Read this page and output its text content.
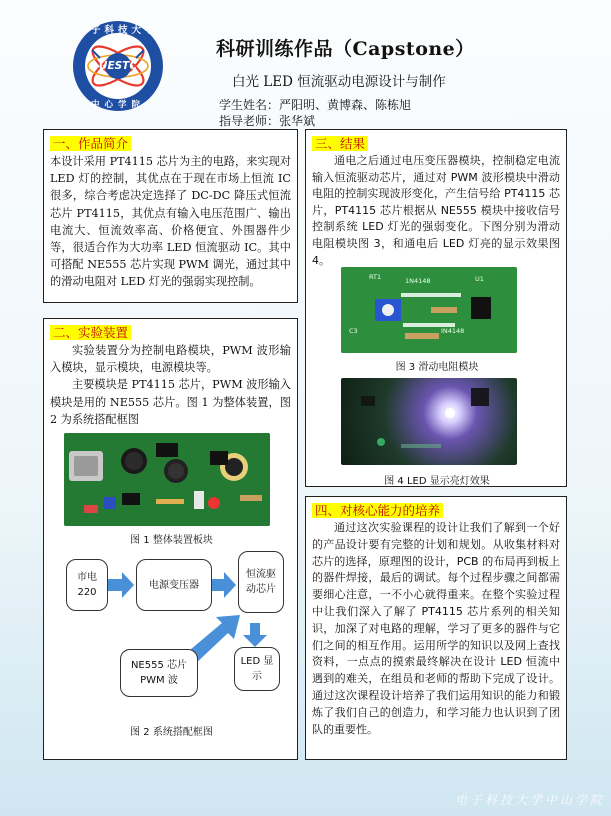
电子科技大学
UESTC
中心学院
科研训练作品（Capstone）
白光 LED 恒流驱动电源设计与制作
学生姓名：严阳明、黄博森、陈栋旭
指导老师：张华斌
一、作品简介
本设计采用 PT4115 芯片为主的电路，来实现对 LED 灯的控制，其优点在于现在市场上恒流 IC 很多，综合考虑决定选择了 DC-DC 降压式恒流芯片 PT4115，其优点有输入电压范围广、输出电流大、恒流效率高、价格便宜、外围器件少等，很适合作为大功率 LED 恒流驱动 IC。其中可搭配 NE555 芯片实现 PWM 调光，通过其中的滑动电阻对 LED 灯光的强弱实现控制。
二、实验装置
实验装置分为控制电路模块，PWM 波形输入模块，显示模块，电源模块等。
主要模块是 PT4115 芯片，PWM 波形输入模块是用的 NE555 芯片。图 1 为整体装置，图 2 为系统搭配框图
图 1 整体装置板块
市电 220
电源变压器
恒流驱动芯片
NE555 芯片 PWM 波
LED 显示
图 2 系统搭配框图
三、结果
通电之后通过电压变压器模块，控制稳定电流输入恒流驱动芯片，通过对 PWM 波形模块中滑动电阻的控制实现波形变化，产生信号给 PT4115 芯片，PT4115 芯片根据从 NE555 模块中接收信号控制系统 LED 灯光的强弱变化。下图分别为滑动电阻模块图 3，和通电后 LED 灯亮的显示效果图 4。
RT1	1N4148	U1
C3	IN4148
图 3 滑动电阻模块
图 4 LED 显示亮灯效果
四、对核心能力的培养
通过这次实验课程的设计让我们了解到一个好的产品设计要有完整的计划和规划。从收集材料对芯片的选择，原理图的设计，PCB 的布局再到板上的器件焊接，最后的调试。每个过程步骤之间都需要细心注意，一不小心就得重来。在整个实验过程中让我们深入了解了 PT4115 芯片系列的相关知识，加深了对电路的理解，学习了更多的器件与它们之间的相互作用。运用所学的知识以及网上查找资料，一点点的摸索最终解决在设计 LED 恒流中遇到的难关，在组员和老师的帮助下完成了设计。通过这次课程设计培养了我们运用知识的能力和锻炼了我们自己的创造力，和学习能力也认识到了团队的重要性。
电子科技大学中山学院
